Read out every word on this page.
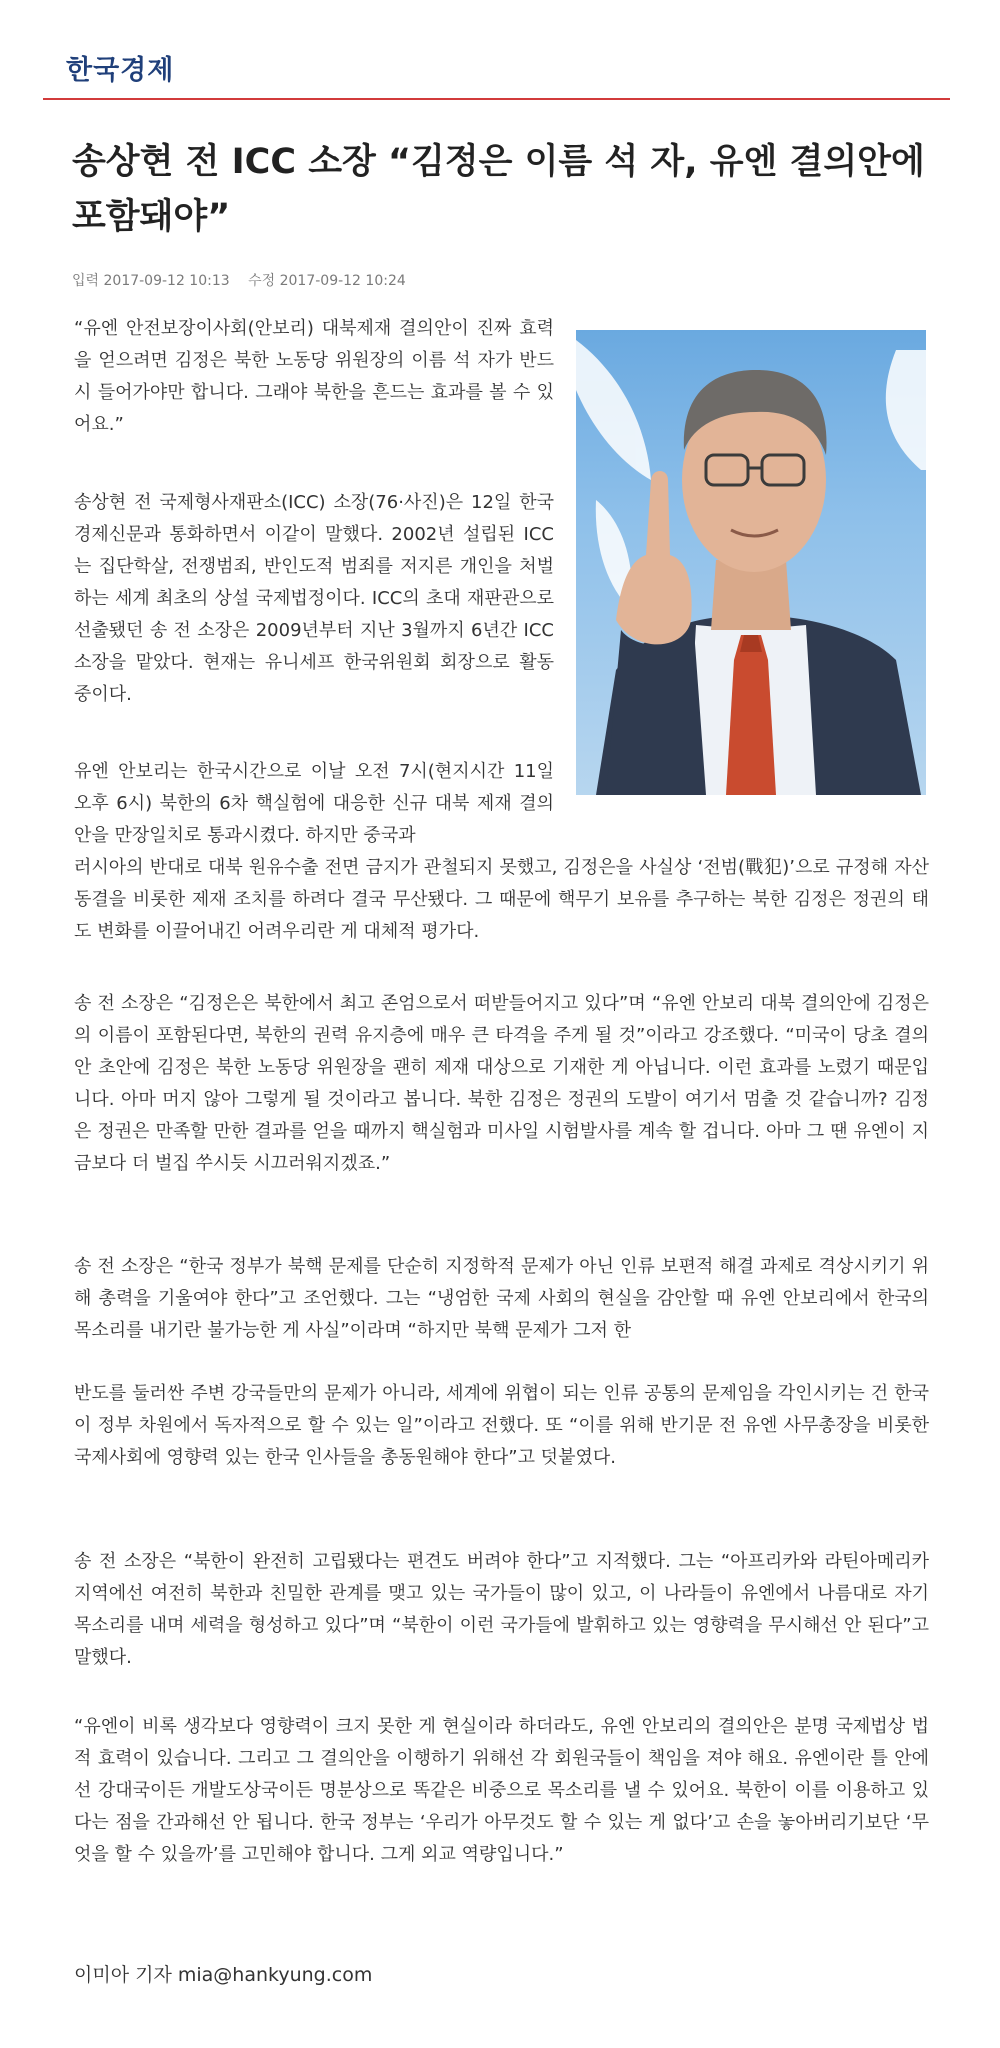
한국경제
송상현 전 ICC 소장 “김정은 이름 석 자, 유엔 결의안에 포함돼야”
입력 2017-09-12 10:13 수정 2017-09-12 10:24

“유엔 안전보장이사회(안보리) 대북제재 결의안이 진짜 효력을 얻으려면 김정은 북한 노동당 위원장의 이름 석 자가 반드시 들어가야만 합니다. 그래야 북한을 흔드는 효과를 볼 수 있어요.”

송상현 전 국제형사재판소(ICC) 소장(76·사진)은 12일 한국경제신문과 통화하면서 이같이 말했다. 2002년 설립된 ICC는 집단학살, 전쟁범죄, 반인도적 범죄를 저지른 개인을 처벌하는 세계 최초의 상설 국제법정이다. ICC의 초대 재판관으로 선출됐던 송 전 소장은 2009년부터 지난 3월까지 6년간 ICC 소장을 맡았다. 현재는 유니세프 한국위원회 회장으로 활동 중이다.

유엔 안보리는 한국시간으로 이날 오전 7시(현지시간 11일 오후 6시) 북한의 6차 핵실험에 대응한 신규 대북 제재 결의안을 만장일치로 통과시켰다. 하지만 중국과

러시아의 반대로 대북 원유수출 전면 금지가 관철되지 못했고, 김정은을 사실상 ‘전범(戰犯)’으로 규정해 자산동결을 비롯한 제재 조치를 하려다 결국 무산됐다. 그 때문에 핵무기 보유를 추구하는 북한 김정은 정권의 태도 변화를 이끌어내긴 어려우리란 게 대체적 평가다.

송 전 소장은 “김정은은 북한에서 최고 존엄으로서 떠받들어지고 있다”며 “유엔 안보리 대북 결의안에 김정은의 이름이 포함된다면, 북한의 권력 유지층에 매우 큰 타격을 주게 될 것”이라고 강조했다. “미국이 당초 결의안 초안에 김정은 북한 노동당 위원장을 괜히 제재 대상으로 기재한 게 아닙니다. 이런 효과를 노렸기 때문입니다. 아마 머지 않아 그렇게 될 것이라고 봅니다. 북한 김정은 정권의 도발이 여기서 멈출 것 같습니까? 김정은 정권은 만족할 만한 결과를 얻을 때까지 핵실험과 미사일 시험발사를 계속 할 겁니다. 아마 그 땐 유엔이 지금보다 더 벌집 쑤시듯 시끄러워지겠죠.”

송 전 소장은 “한국 정부가 북핵 문제를 단순히 지정학적 문제가 아닌 인류 보편적 해결 과제로 격상시키기 위해 총력을 기울여야 한다”고 조언했다. 그는 “냉엄한 국제 사회의 현실을 감안할 때 유엔 안보리에서 한국의 목소리를 내기란 불가능한 게 사실”이라며 “하지만 북핵 문제가 그저 한

반도를 둘러싼 주변 강국들만의 문제가 아니라, 세계에 위협이 되는 인류 공통의 문제임을 각인시키는 건 한국이 정부 차원에서 독자적으로 할 수 있는 일”이라고 전했다. 또 “이를 위해 반기문 전 유엔 사무총장을 비롯한 국제사회에 영향력 있는 한국 인사들을 총동원해야 한다”고 덧붙였다.

송 전 소장은 “북한이 완전히 고립됐다는 편견도 버려야 한다”고 지적했다. 그는 “아프리카와 라틴아메리카 지역에선 여전히 북한과 친밀한 관계를 맺고 있는 국가들이 많이 있고, 이 나라들이 유엔에서 나름대로 자기 목소리를 내며 세력을 형성하고 있다”며 “북한이 이런 국가들에 발휘하고 있는 영향력을 무시해선 안 된다”고 말했다.

“유엔이 비록 생각보다 영향력이 크지 못한 게 현실이라 하더라도, 유엔 안보리의 결의안은 분명 국제법상 법적 효력이 있습니다. 그리고 그 결의안을 이행하기 위해선 각 회원국들이 책임을 져야 해요. 유엔이란 틀 안에선 강대국이든 개발도상국이든 명분상으로 똑같은 비중으로 목소리를 낼 수 있어요. 북한이 이를 이용하고 있다는 점을 간과해선 안 됩니다. 한국 정부는 ‘우리가 아무것도 할 수 있는 게 없다’고 손을 놓아버리기보단 ‘무엇을 할 수 있을까’를 고민해야 합니다. 그게 외교 역량입니다.”

이미아 기자 mia@hankyung.com
